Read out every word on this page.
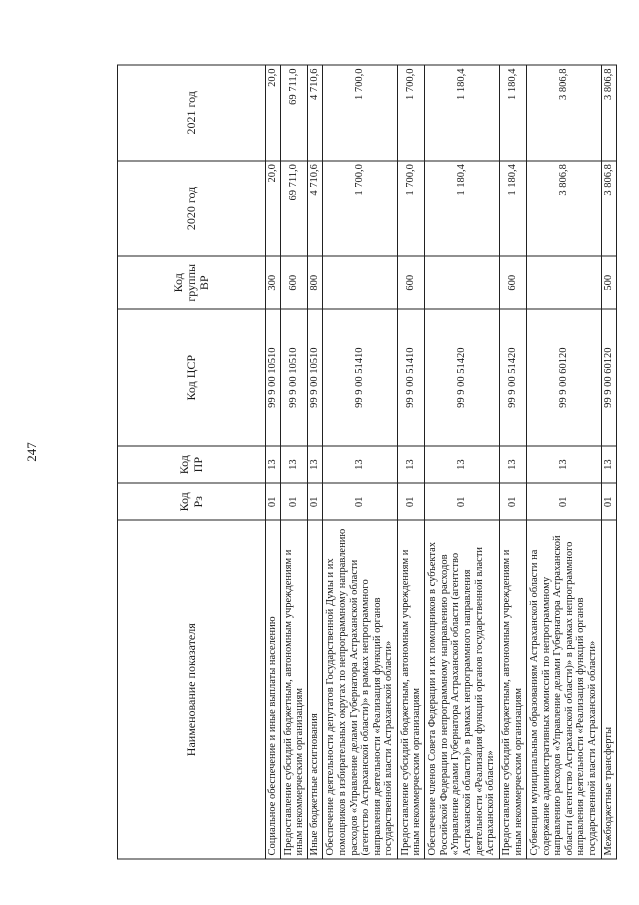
247
Наименование показателя	Код Рз	Код ПР	Код ЦСР	Код группы ВР	2020 год	2021 год
Социальное обеспечение и иные выплаты населению	01	13	99 9 00 10510	300	20,0	20,0
Предоставление субсидий бюджетным, автономным учреждениям и иным некоммерческим организациям	01	13	99 9 00 10510	600	69 711,0	69 711,0
Иные бюджетные ассигнования	01	13	99 9 00 10510	800	4 710,6	4 710,6
Обеспечение деятельности депутатов Государственной Думы и их помощников в избирательных округах по непрограммному направлению расходов «Управление делами Губернатора Астраханской области (агентство Астраханской области)» в рамках непрограммного направления деятельности «Реализация функций органов государственной власти Астраханской области»	01	13	99 9 00 51410		1 700,0	1 700,0
Предоставление субсидий бюджетным, автономным учреждениям и иным некоммерческим организациям	01	13	99 9 00 51410	600	1 700,0	1 700,0
Обеспечение членов Совета Федерации и их помощников в субъектах Российской Федерации по непрограммному направлению расходов «Управление делами Губернатора Астраханской области (агентство Астраханской области)» в рамках непрограммного направления деятельности «Реализация функций органов государственной власти Астраханской области»	01	13	99 9 00 51420		1 180,4	1 180,4
Предоставление субсидий бюджетным, автономным учреждениям и иным некоммерческим организациям	01	13	99 9 00 51420	600	1 180,4	1 180,4
Субвенции муниципальным образованиям Астраханской области на содержание административных комиссий по непрограммному направлению расходов «Управление делами Губернатора Астраханской области (агентство Астраханской области)» в рамках непрограммного направления деятельности «Реализация функций органов государственной власти Астраханской области»	01	13	99 9 00 60120		3 806,8	3 806,8
Межбюджетные трансферты	01	13	99 9 00 60120	500	3 806,8	3 806,8
